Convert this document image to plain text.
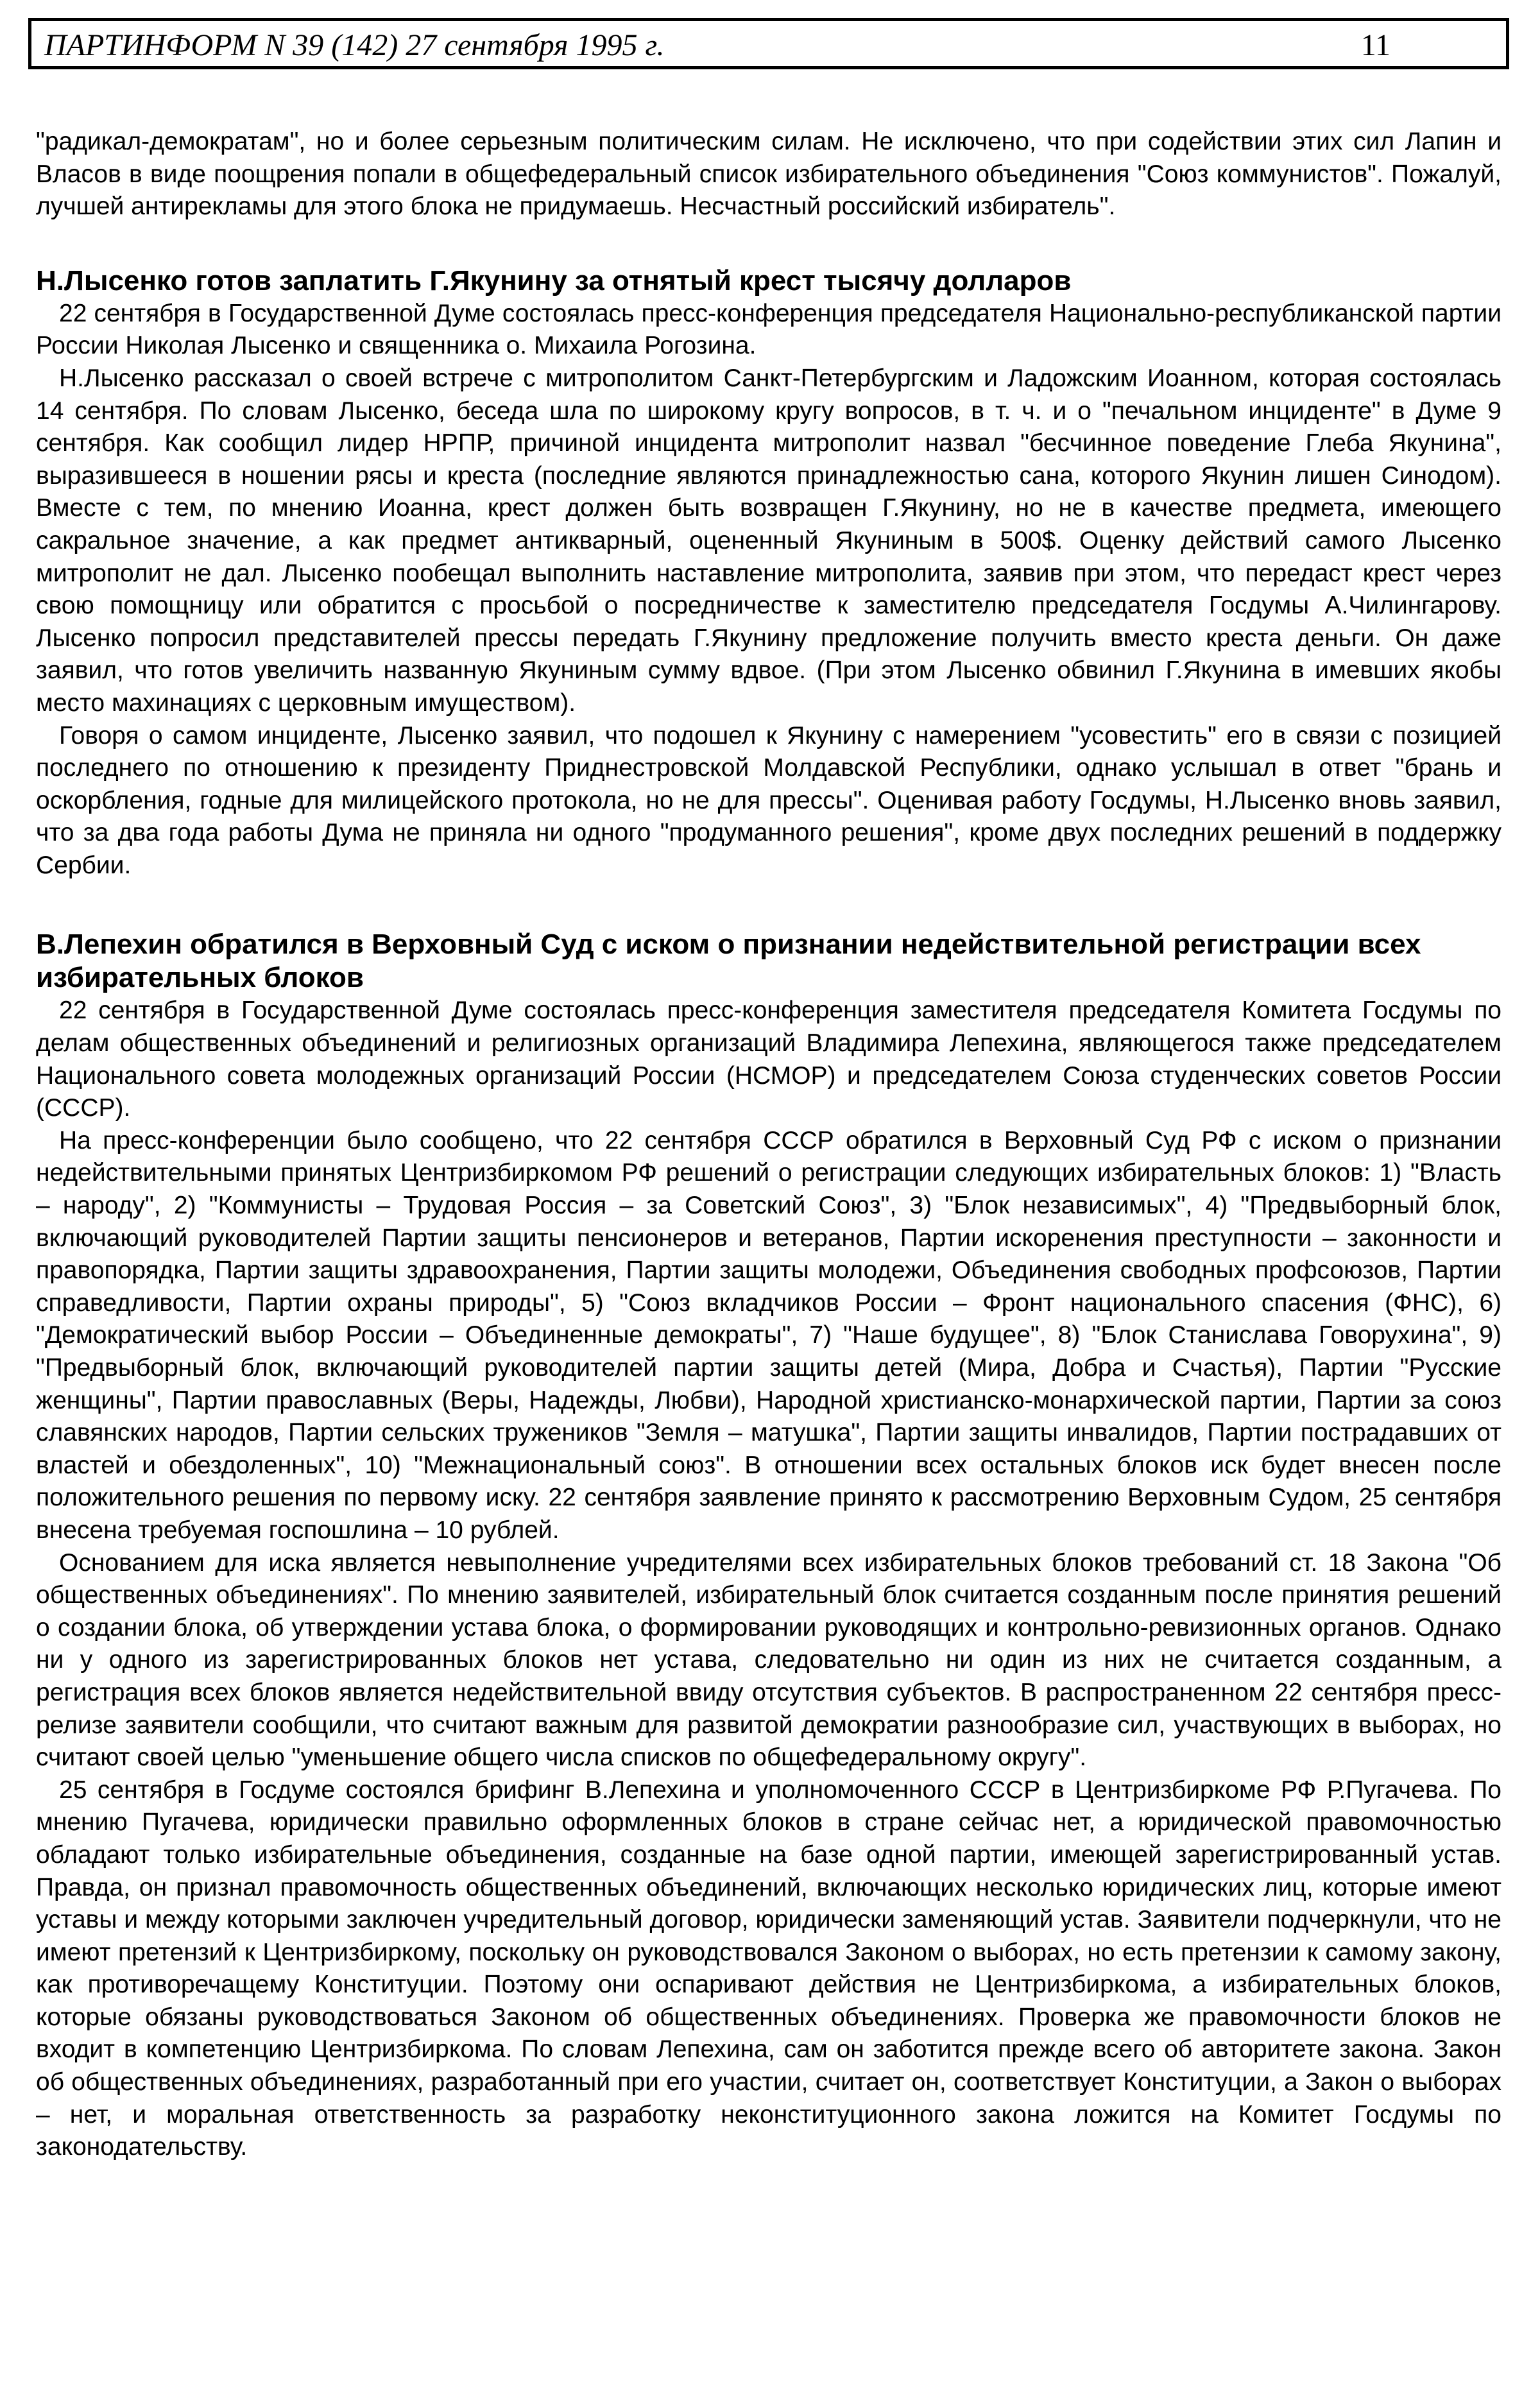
ПАРТИНФОРМ N 39 (142) 27 сентября 1995 г.	11

"радикал-демократам", но и более серьезным политическим силам. Не исключено, что при содействии этих сил Лапин и Власов в виде поощрения попали в общефедеральный список избирательного объединения "Союз коммунистов". Пожалуй, лучшей антирекламы для этого блока не придумаешь. Несчастный российский избиратель".

Н.Лысенко готов заплатить Г.Якунину за отнятый крест тысячу долларов

22 сентября в Государственной Думе состоялась пресс-конференция председателя Национально-республиканской партии России Николая Лысенко и священника о. Михаила Рогозина.

Н.Лысенко рассказал о своей встрече с митрополитом Санкт-Петербургским и Ладожским Иоанном, которая состоялась 14 сентября. По словам Лысенко, беседа шла по широкому кругу вопросов, в т. ч. и о "печальном инциденте" в Думе 9 сентября. Как сообщил лидер НРПР, причиной инцидента митрополит назвал "бесчинное поведение Глеба Якунина", выразившееся в ношении рясы и креста (последние являются принадлежностью сана, которого Якунин лишен Синодом). Вместе с тем, по мнению Иоанна, крест должен быть возвращен Г.Якунину, но не в качестве предмета, имеющего сакральное значение, а как предмет антикварный, оцененный Якуниным в 500$. Оценку действий самого Лысенко митрополит не дал. Лысенко пообещал выполнить наставление митрополита, заявив при этом, что передаст крест через свою помощницу или обратится с просьбой о посредничестве к заместителю председателя Госдумы А.Чилингарову. Лысенко попросил представителей прессы передать Г.Якунину предложение получить вместо креста деньги. Он даже заявил, что готов увеличить названную Якуниным сумму вдвое. (При этом Лысенко обвинил Г.Якунина в имевших якобы место махинациях с церковным имуществом).

Говоря о самом инциденте, Лысенко заявил, что подошел к Якунину с намерением "усовестить" его в связи с позицией последнего по отношению к президенту Приднестровской Молдавской Республики, однако услышал в ответ "брань и оскорбления, годные для милицейского протокола, но не для прессы". Оценивая работу Госдумы, Н.Лысенко вновь заявил, что за два года работы Дума не приняла ни одного "продуманного решения", кроме двух последних решений в поддержку Сербии.

В.Лепехин обратился в Верховный Суд с иском о признании недействительной регистрации всех избирательных блоков

22 сентября в Государственной Думе состоялась пресс-конференция заместителя председателя Комитета Госдумы по делам общественных объединений и религиозных организаций Владимира Лепехина, являющегося также председателем Национального совета молодежных организаций России (НСМОР) и председателем Союза студенческих советов России (СССР).

На пресс-конференции было сообщено, что 22 сентября СССР обратился в Верховный Суд РФ с иском о признании недействительными принятых Центризбиркомом РФ решений о регистрации следующих избирательных блоков: 1) "Власть – народу", 2) "Коммунисты – Трудовая Россия – за Советский Союз", 3) "Блок независимых", 4) "Предвыборный блок, включающий руководителей Партии защиты пенсионеров и ветеранов, Партии искоренения преступности – законности и правопорядка, Партии защиты здравоохранения, Партии защиты молодежи, Объединения свободных профсоюзов, Партии справедливости, Партии охраны природы", 5) "Союз вкладчиков России – Фронт национального спасения (ФНС), 6) "Демократический выбор России – Объединенные демократы", 7) "Наше будущее", 8) "Блок Станислава Говорухина", 9) "Предвыборный блок, включающий руководителей партии защиты детей (Мира, Добра и Счастья), Партии "Русские женщины", Партии православных (Веры, Надежды, Любви), Народной христианско-монархической партии, Партии за союз славянских народов, Партии сельских тружеников "Земля – матушка", Партии защиты инвалидов, Партии пострадавших от властей и обездоленных", 10) "Межнациональный союз". В отношении всех остальных блоков иск будет внесен после положительного решения по первому иску. 22 сентября заявление принято к рассмотрению Верховным Судом, 25 сентября внесена требуемая госпошлина – 10 рублей.

Основанием для иска является невыполнение учредителями всех избирательных блоков требований ст. 18 Закона "Об общественных объединениях". По мнению заявителей, избирательный блок считается созданным после принятия решений о создании блока, об утверждении устава блока, о формировании руководящих и контрольно-ревизионных органов. Однако ни у одного из зарегистрированных блоков нет устава, следовательно ни один из них не считается созданным, а регистрация всех блоков является недействительной ввиду отсутствия субъектов. В распространенном 22 сентября пресс-релизе заявители сообщили, что считают важным для развитой демократии разнообразие сил, участвующих в выборах, но считают своей целью "уменьшение общего числа списков по общефедеральному округу".

25 сентября в Госдуме состоялся брифинг В.Лепехина и уполномоченного СССР в Центризбиркоме РФ Р.Пугачева. По мнению Пугачева, юридически правильно оформленных блоков в стране сейчас нет, а юридической правомочностью обладают только избирательные объединения, созданные на базе одной партии, имеющей зарегистрированный устав. Правда, он признал правомочность общественных объединений, включающих несколько юридических лиц, которые имеют уставы и между которыми заключен учредительный договор, юридически заменяющий устав. Заявители подчеркнули, что не имеют претензий к Центризбиркому, поскольку он руководствовался Законом о выборах, но есть претензии к самому закону, как противоречащему Конституции. Поэтому они оспаривают действия не Центризбиркома, а избирательных блоков, которые обязаны руководствоваться Законом об общественных объединениях. Проверка же правомочности блоков не входит в компетенцию Центризбиркома. По словам Лепехина, сам он заботится прежде всего об авторитете закона. Закон об общественных объединениях, разработанный при его участии, считает он, соответствует Конституции, а Закон о выборах – нет, и моральная ответственность за разработку неконституционного закона ложится на Комитет Госдумы по законодательству.
